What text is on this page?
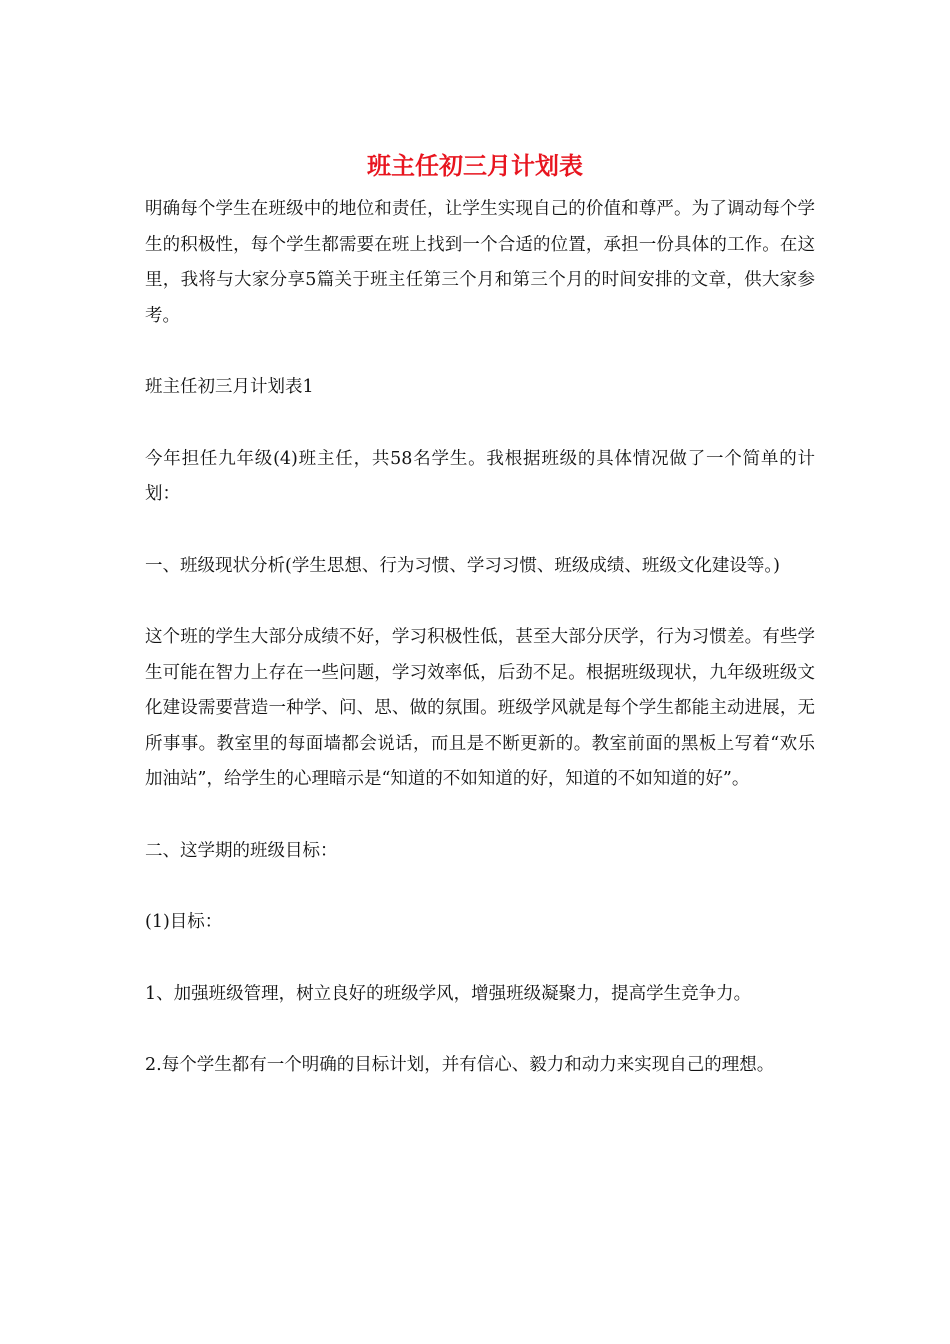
班主任初三月计划表

明确每个学生在班级中的地位和责任，让学生实现自己的价值和尊严。为了调动每个学生的积极性，每个学生都需要在班上找到一个合适的位置，承担一份具体的工作。在这里，我将与大家分享5篇关于班主任第三个月和第三个月的时间安排的文章，供大家参考。

班主任初三月计划表1

今年担任九年级(4)班主任，共58名学生。我根据班级的具体情况做了一个简单的计划：

一、班级现状分析(学生思想、行为习惯、学习习惯、班级成绩、班级文化建设等。)

这个班的学生大部分成绩不好，学习积极性低，甚至大部分厌学，行为习惯差。有些学生可能在智力上存在一些问题，学习效率低，后劲不足。根据班级现状，九年级班级文化建设需要营造一种学、问、思、做的氛围。班级学风就是每个学生都能主动进展，无所事事。教室里的每面墙都会说话，而且是不断更新的。教室前面的黑板上写着“欢乐加油站”，给学生的心理暗示是“知道的不如知道的好，知道的不如知道的好”。

二、这学期的班级目标：

(1)目标：

1、加强班级管理，树立良好的班级学风，增强班级凝聚力，提高学生竞争力。

2.每个学生都有一个明确的目标计划，并有信心、毅力和动力来实现自己的理想。
